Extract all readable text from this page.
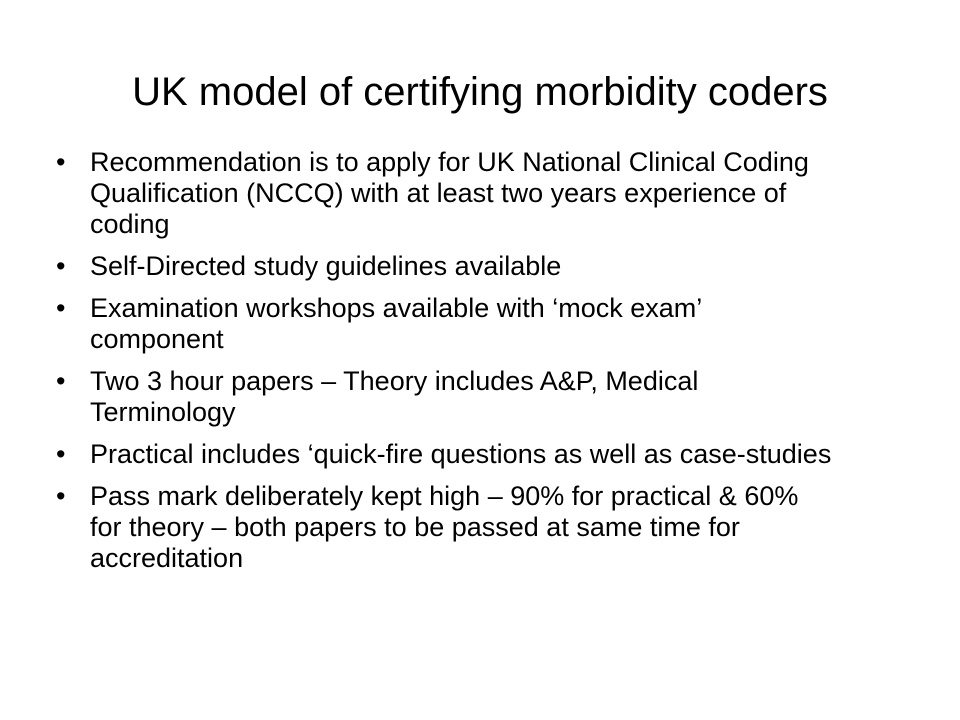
UK model of certifying morbidity coders
• Recommendation is to apply for UK National Clinical Coding Qualification (NCCQ) with at least two years experience of coding
• Self-Directed study guidelines available
• Examination workshops available with ‘mock exam’ component
• Two 3 hour papers – Theory includes A&P, Medical Terminology
• Practical includes ‘quick-fire questions as well as case-studies
• Pass mark deliberately kept high – 90% for practical & 60% for theory – both papers to be passed at same time for accreditation
